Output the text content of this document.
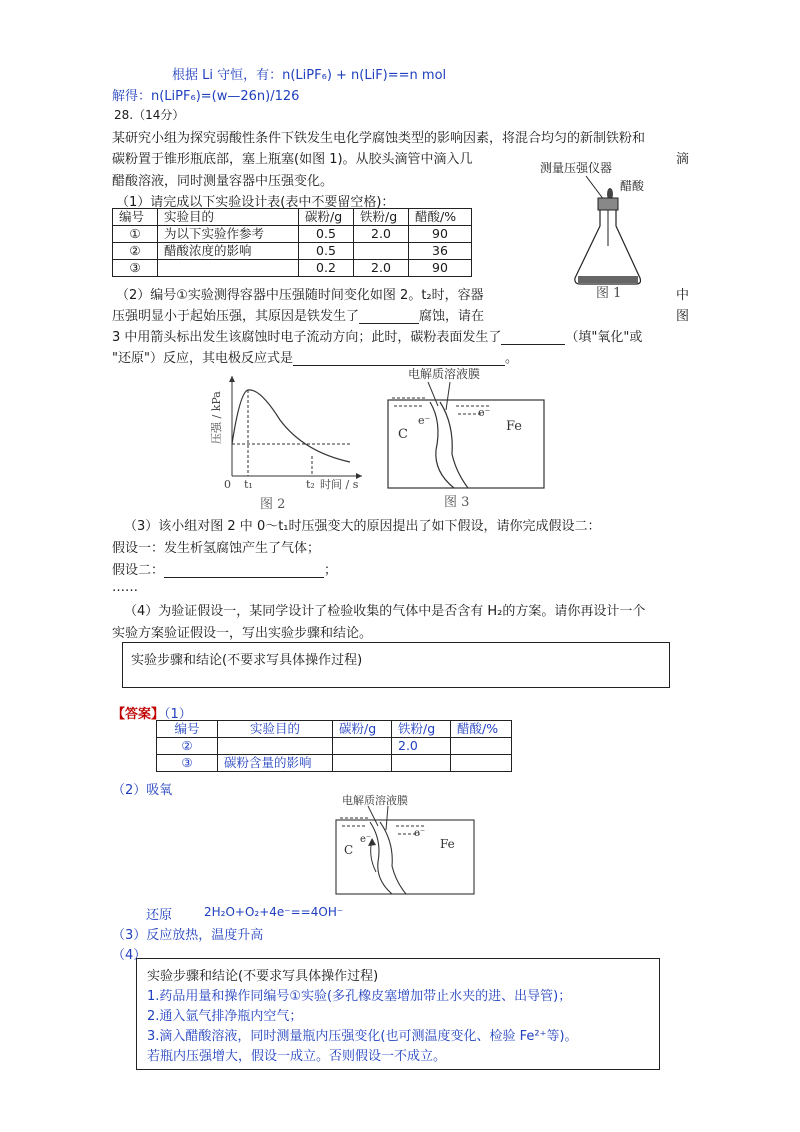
根据 Li 守恒，有：n(LiPF₆) + n(LiF)==n mol
解得：n(LiPF₆)=(w—26n)/126
28.（14分）
某研究小组为探究弱酸性条件下铁发生电化学腐蚀类型的影响因素，将混合均匀的新制铁粉和
碳粉置于锥形瓶底部，塞上瓶塞(如图 1)。从胶头滴管中滴入几	滴
醋酸溶液，同时测量容器中压强变化。
（1）请完成以下实验设计表(表中不要留空格)：
编号	实验目的	碳粉/g	铁粉/g	醋酸/%
①	为以下实验作参考	0.5	2.0	90
②	醋酸浓度的影响	0.5		36
③		0.2	2.0	90
测量压强仪器
醋酸
图 1
（2）编号①实验测得容器中压强随时间变化如图 2。t₂时，容器	中
压强明显小于起始压强，其原因是铁发生了	腐蚀，请在	图
3 中用箭头标出发生该腐蚀时电子流动方向；此时，碳粉表面发生了	（填"氧化"或
"还原"）反应，其电极反应式是	。
0 t₁	t₂ 时间 / s
压强 / kPa
图 2
电解质溶液膜
C
Fe
e⁻
e⁻
图 3
（3）该小组对图 2 中 0～t₁时压强变大的原因提出了如下假设，请你完成假设二：
假设一：发生析氢腐蚀产生了气体；
假设二：	；
……
（4）为验证假设一，某同学设计了检验收集的气体中是否含有 H₂的方案。请你再设计一个
实验方案验证假设一，写出实验步骤和结论。
实验步骤和结论(不要求写具体操作过程)
【答案】（1）
编号	实验目的	碳粉/g	铁粉/g	醋酸/%
②			2.0	
③	碳粉含量的影响			
（2）吸氧
电解质溶液膜
C	Fe
e⁻
e⁻
还原	2H₂O+O₂+4e⁻==4OH⁻
（3）反应放热，温度升高
（4）
实验步骤和结论(不要求写具体操作过程)
1.药品用量和操作同编号①实验(多孔橡皮塞增加带止水夹的进、出导管)；
2.通入氩气排净瓶内空气；
3.滴入醋酸溶液，同时测量瓶内压强变化(也可测温度变化、检验 Fe²⁺等)。
若瓶内压强增大，假设一成立。否则假设一不成立。
